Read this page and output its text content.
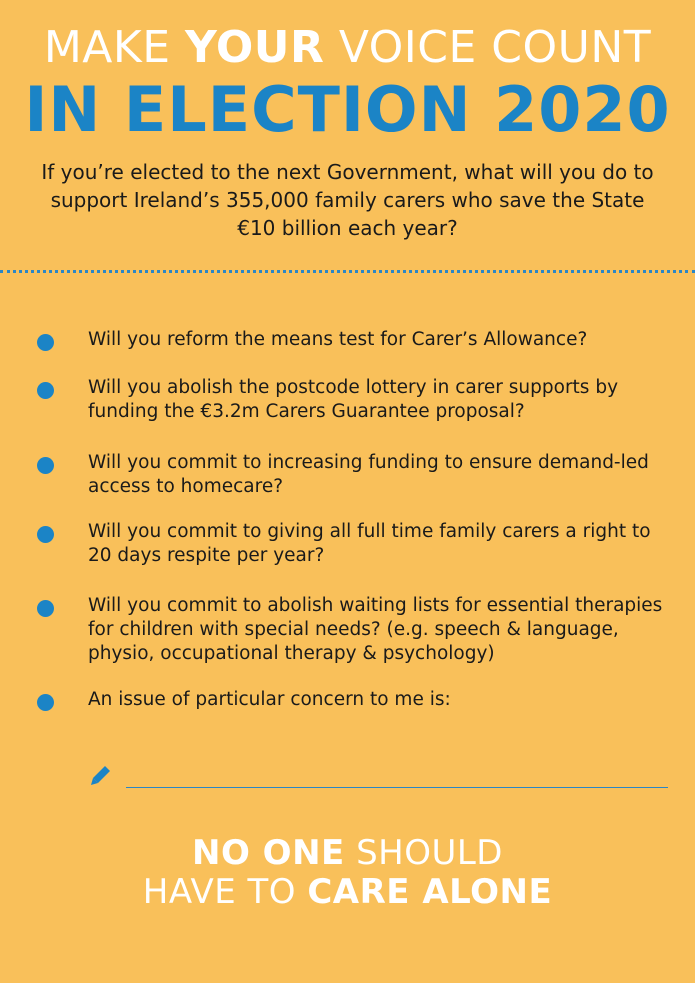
MAKE YOUR VOICE COUNT
IN ELECTION 2020
If you’re elected to the next Government, what will you do to support Ireland’s 355,000 family carers who save the State €10 billion each year?
Will you reform the means test for Carer’s Allowance?
Will you abolish the postcode lottery in carer supports by funding the €3.2m Carers Guarantee proposal?
Will you commit to increasing funding to ensure demand-led access to homecare?
Will you commit to giving all full time family carers a right to 20 days respite per year?
Will you commit to abolish waiting lists for essential therapies for children with special needs? (e.g. speech & language, physio, occupational therapy & psychology)
An issue of particular concern to me is:
NO ONE SHOULD
HAVE TO CARE ALONE
